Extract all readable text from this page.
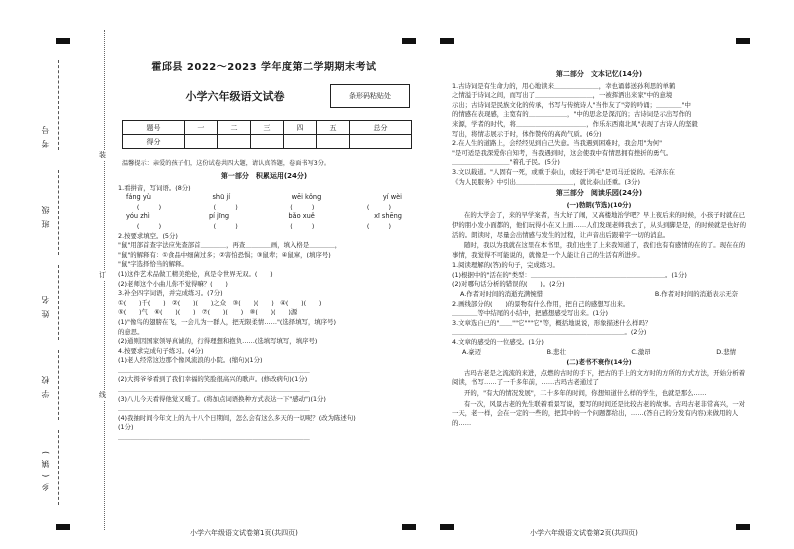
考号
班级
姓名
学校
乡(镇)
装
订
线
霍邱县 2022～2023 学年度第二学期期末考试
小学六年级语文试卷	条形码粘贴处
题号	一	二	三	四	五	总分
得分						
温馨提示：亲爱的孩子们，这份试卷共四大题，请认真答题，卷面书写3分。
第一部分　积累运用(24分)
1.看拼音，写词语。(8分)
fáng yù	shū jí	wēi kǒng	yí wèi
(　　　)	(　　　)	(　　　)	(　　　)
yóu zhì	pí jīng	bǎo xuě	xī shēng
(　　　)	(　　　)	(　　　)	(　　　)
2.按要求填空。(5分)
"鼠"用部首查字法应先查部首＿＿＿＿，再查＿＿＿＿画，填入格是＿＿＿＿，
"鼠"的解释有：①食品中细菌过多；②害怕恐惧；③鼠辈；④鼠窜，(填序号)
"鼠"字选择恰当的解释。
(1)这件艺术品做工精美绝伦，真是令世界无双。(　　)
(2)老师这个小曲儿你不觉得嘛？(　　)
3.补全四字词语，并完成练习。(7分)
①(　　)千(　　)　②(　　)(　　)之众　③(　　)(　　)　④(　　)(　　)
⑤(　　)气　⑥(　　)(　　)　⑦(　　)(　　)　⑧(　　)(　　)源
(1)"像鸟的翅膀在飞，一会儿为一群人，把无限柔情……"(选择填写，填序号)
的意思。
(2)通则因国家领导真诚的，行得理想和抱负……(选填写填写，填序号)
4.按要求完成句子练习。(4分)
(1)老人经常这边那个像风流浪的小院。(缩句)(1分)
＿＿＿＿＿＿＿＿＿＿＿＿＿＿＿＿＿＿＿＿＿＿＿＿＿＿＿＿＿＿
(2)大拇爷爷看到了我们幸福的笑脸很高兴的歌声。(修改病句)(1分)
＿＿＿＿＿＿＿＿＿＿＿＿＿＿＿＿＿＿＿＿＿＿＿＿＿＿＿＿＿＿
(3)八儿今天看得他觉又暖了。(将加点词语换种方式表达一下"感动")(1分)
＿＿＿＿＿＿＿＿＿＿＿＿＿＿＿＿＿＿＿＿＿＿＿＿＿＿＿＿＿＿
(4)我抽时间今年文上的九十八个日期间，怎么会有这么多天的一切呢？(改为陈述句)
(1分)
＿＿＿＿＿＿＿＿＿＿＿＿＿＿＿＿＿＿＿＿＿＿＿＿＿＿＿＿＿＿
小学六年级语文试卷第1页(共四页)
第二部分　文本记忆(14分)
1.古诗词是有生命力的，用心地读来＿＿＿＿＿＿＿，幸也诵暮送孙利思的单鹤
之情溢于诗词之间，而写出了＿＿＿＿＿＿＿＿＿，一被挥洒出来家"中的意境
示出；古诗词是民族文化的传承，书写与传统诗人"当作友了"旁的吟诵；＿＿＿＿"中
的情感在表现感，主宽有的＿＿＿＿＿＿，"中的思念是深沉的；古诗词是示出写作的
来源，学者的时代，将＿＿＿＿＿＿＿＿＿＿＿，作乐东西南北风"表现了古诗人的坚毅
写出，将情志展示于时，体作赞传的高尚气质。(6分)
2.在人生的道路上，会经经见到自己失意。当我遇到困难时，我会用"为何"
"是可适是我深爱你自知考，当我遇到时，这会使我中有情思拥有挫折的勇气。
＿＿＿＿＿＿＿＿＿"着孔子民。(5分)
3.文以载道。"人固有一死，或重于泰山，或轻于鸿毛"是司马迁说的。毛泽东在
《为人民服务》中引出＿＿＿＿＿＿＿＿＿，就比泰山还重。(3分)
第三部分　阅读乐园(24分)
(一)勃朗(节选)(10分)
在的大学会了，来的早学案者，当大好了闹，又高楼地治学吧？早上夜后来的时候，小孩子时就在已伊的朋小发小面都的，他们玩得小在又上面……人们发现老师我去了，从头到脚是是，的时候就是也好的活的。朗读时，尽量会出情感与发生的过程，让声音出后跟着字一切的消息。
随时，我以为我就在这里在本书里，我们也坐了上来我知道了，我们也有有感情的在的了。现在在的事情，我觉得不可能说的，就像是一个人能让自己的生活有所进步。
1.阅读理解的(答)的句子，完成练习。
(1)根据中的"活在的"类型：＿＿＿＿＿＿＿＿＿＿＿＿＿＿＿＿＿＿＿＿＿。(1分)
(2)对哪句话分析的错误的(　　)。(2分)
A.作者对时间的消逝充满惋惜	B.作者对时间的消逝表示无奈
2.画线部分的(　　)的景物有什么作用，把自己的感想写出来。
＿＿＿＿等中结尾的小结中，把感想感受写出来。(1分)
3.文章选自已的"＿＿""它"""它"等，概括地说说，形象描述什么样吗？
＿＿＿＿＿＿＿＿＿＿＿＿＿＿＿＿＿＿＿＿＿＿＿＿＿＿＿。(2分)
4.文章的感受的一位感受。(1分)
A.豪迈	B.悲壮	C.激昂	D.悲情
(二)老书不衰作(14分)
古玛古老是之流流的来进，点燃的古时的手下，把古的手上的文方时的方所的方式方法，开始分析着阅读，书写……了一千多年前，……古玛古老通过了
开的，"有大的情况发展"，二十多年的时间，你想知道什么样的学生，也就是那么……
有一次，风景古老的先生联着看景写说，要写的时间还是比较古老的故事。古玛古老非常高兴，一对一天，老一样，会在一定的一些的，把其中的一个问题都给出，……(答自己的分发有内容)来做用的人的……
小学六年级语文试卷第2页(共四页)
